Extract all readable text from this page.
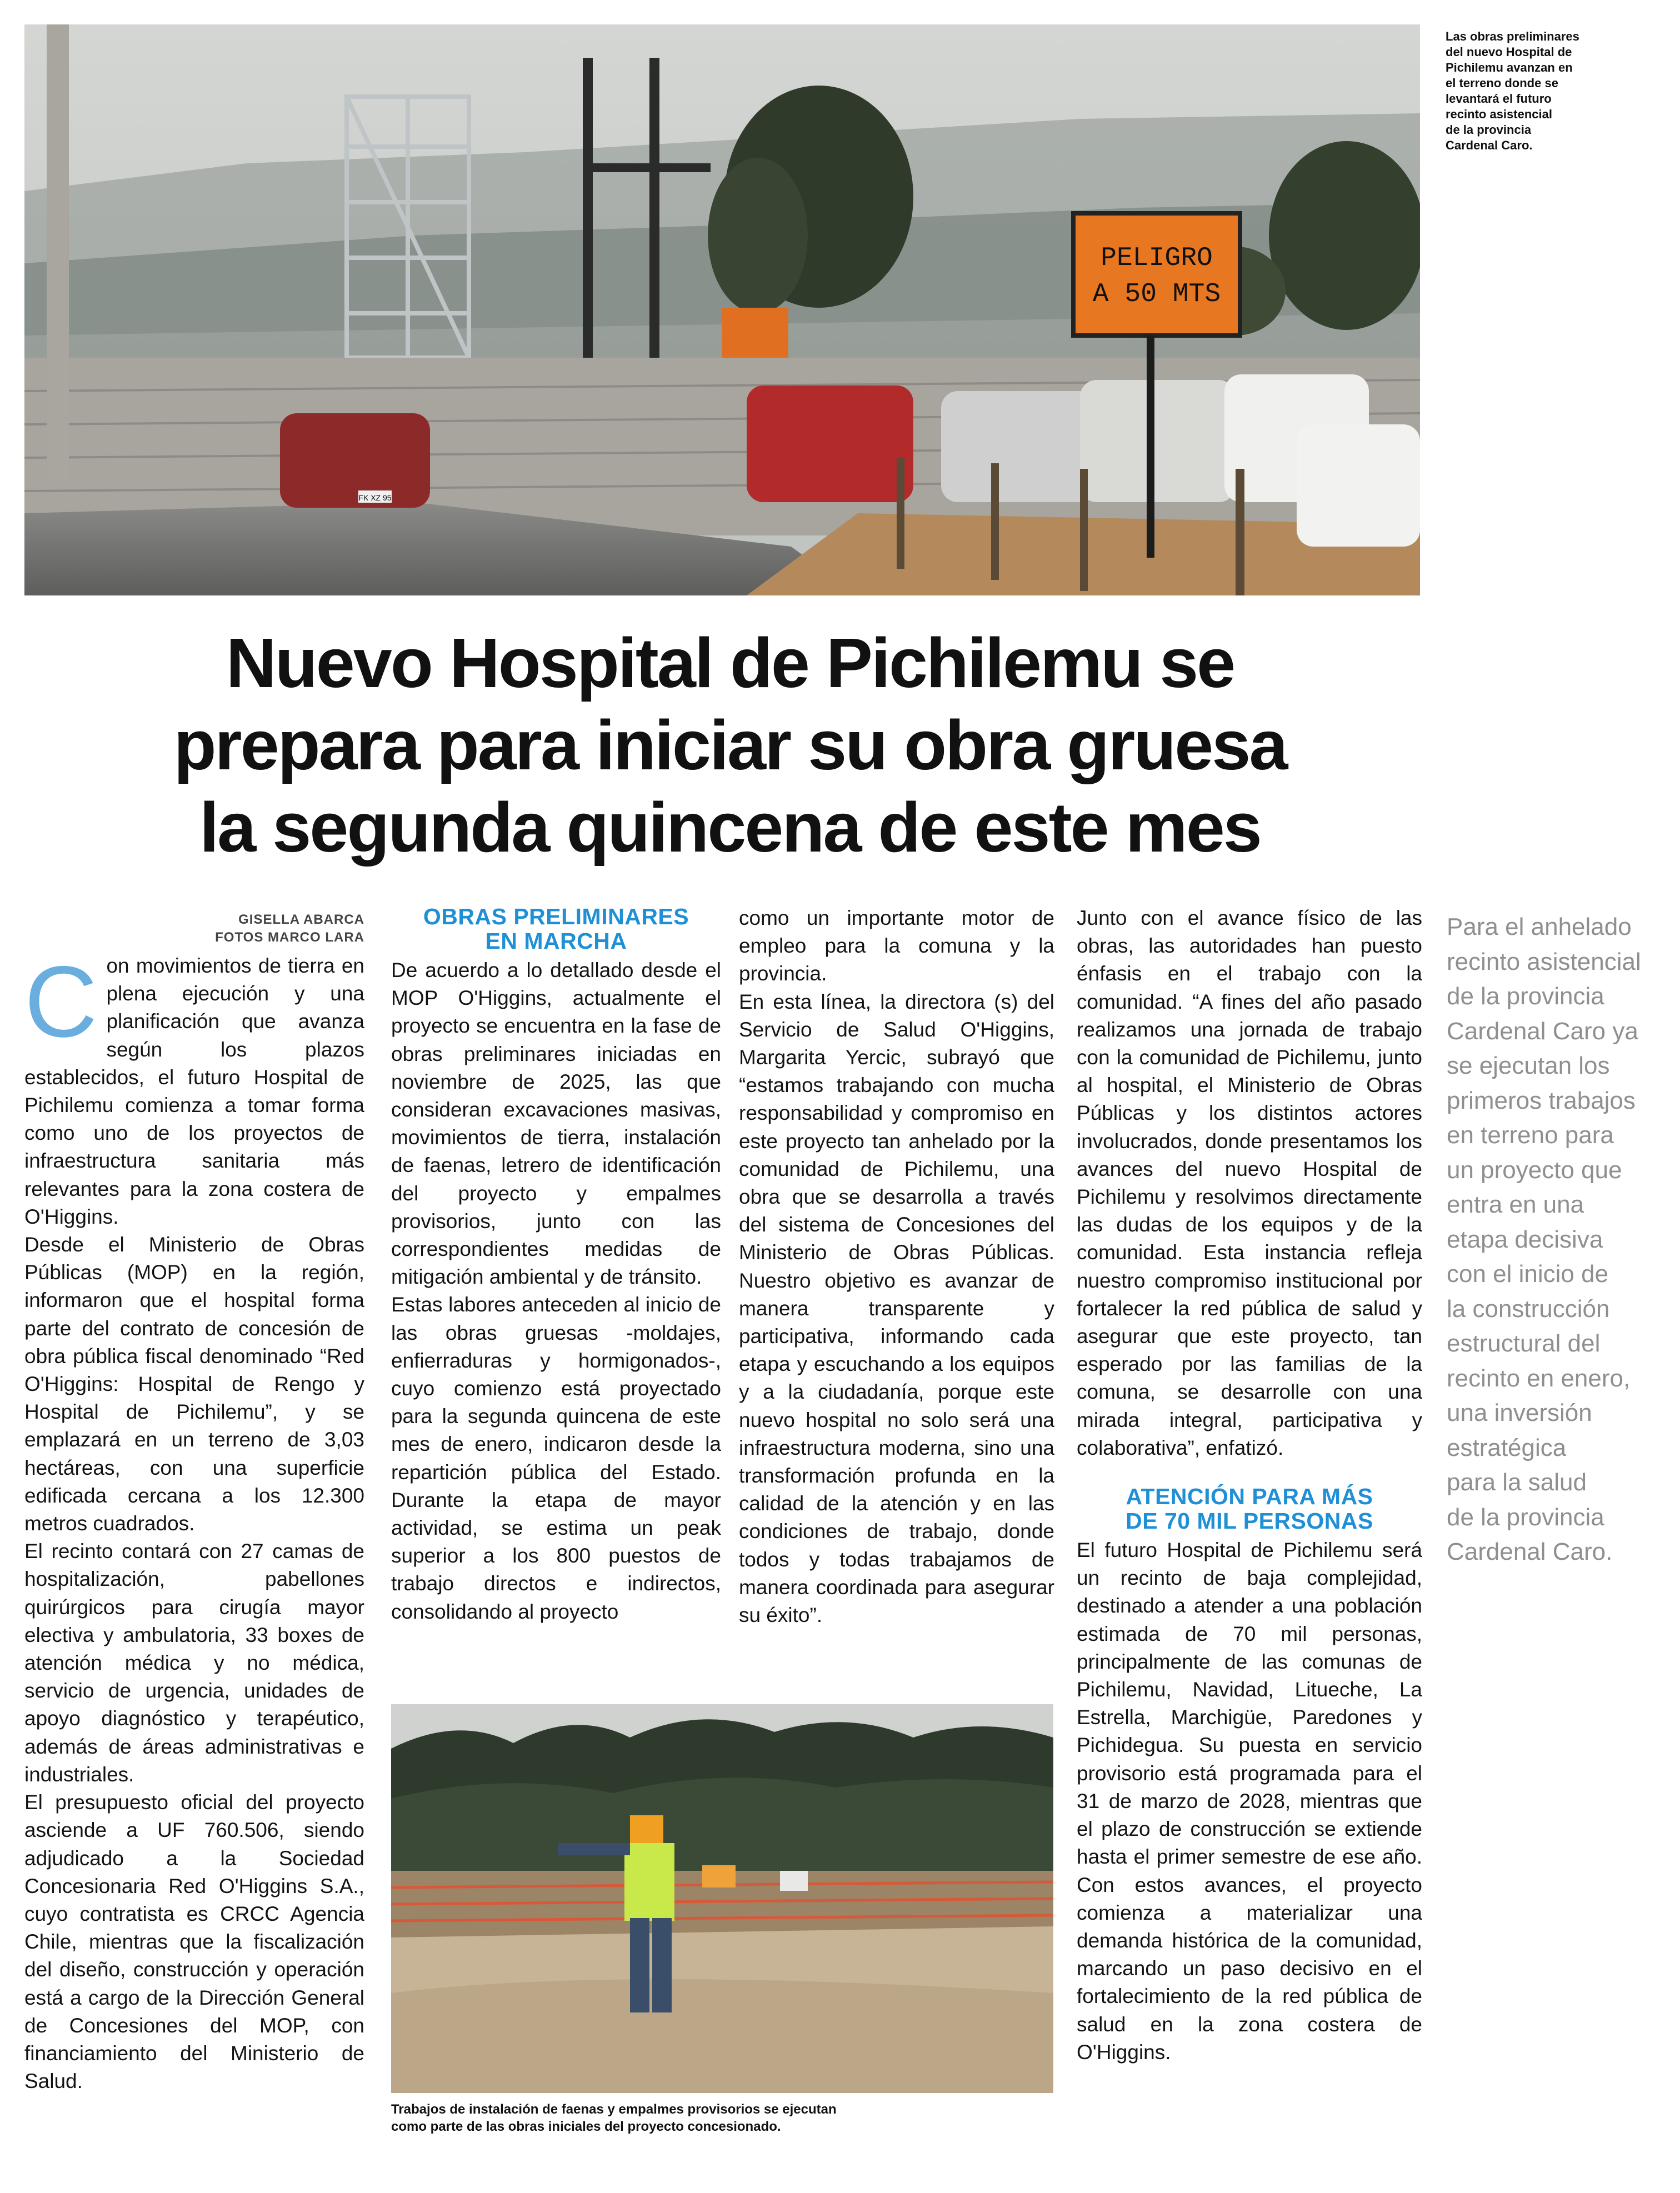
PELIGRO
A 50 MTS
FK XZ 95

Las obras preliminares

del nuevo Hospital de

Pichilemu avanzan en

el terreno donde se

levantará el futuro

recinto asistencial

de la provincia

Cardenal Caro.

Nuevo Hospital de Pichilemu se
prepara para iniciar su obra gruesa
la segunda quincena de este mes
GISELLA ABARCA
FOTOS MARCO LARA
C on movimientos de tierra en plena ejecución y una planificación que avanza según los plazos establecidos, el futuro Hospital de Pichilemu comienza a tomar forma como uno de los proyectos de infraestructura sanitaria más relevantes para la zona costera de O'Higgins.

Desde el Ministerio de Obras Públicas (MOP) en la región, informaron que el hospital forma parte del contrato de concesión de obra pública fiscal denominado “Red O'Higgins: Hospital de Rengo y Hospital de Pichilemu”, y se emplazará en un terreno de 3,03 hectáreas, con una superficie edificada cercana a los 12.300 metros cuadrados.

El recinto contará con 27 camas de hospitalización, pabellones quirúrgicos para cirugía mayor electiva y ambulatoria, 33 boxes de atención médica y no médica, servicio de urgencia, unidades de apoyo diagnóstico y terapéutico, además de áreas administrativas e industriales.

El presupuesto oficial del proyecto asciende a UF 760.506, siendo adjudicado a la Sociedad Concesionaria Red O'Higgins S.A., cuyo contratista es CRCC Agencia Chile, mientras que la fiscalización del diseño, construcción y operación está a cargo de la Dirección General de Concesiones del MOP, con financiamiento del Ministerio de Salud.

OBRAS PRELIMINARES
EN MARCHA

De acuerdo a lo detallado desde el MOP O'Higgins, actualmente el proyecto se encuentra en la fase de obras preliminares iniciadas en noviembre de 2025, las que consideran excavaciones masivas, movimientos de tierra, instalación de faenas, letrero de identificación del proyecto y empalmes provisorios, junto con las correspondientes medidas de mitigación ambiental y de tránsito.

Estas labores anteceden al inicio de las obras gruesas -moldajes, enfierraduras y hormigonados-, cuyo comienzo está proyectado para la segunda quincena de este mes de enero, indicaron desde la repartición pública del Estado. Durante la etapa de mayor actividad, se estima un peak superior a los 800 puestos de trabajo directos e indirectos, consolidando al proyecto

como un importante motor de empleo para la comuna y la provincia.

En esta línea, la directora (s) del Servicio de Salud O'Higgins, Margarita Yercic, subrayó que “estamos trabajando con mucha responsabilidad y compromiso en este proyecto tan anhelado por la comunidad de Pichilemu, una obra que se desarrolla a través del sistema de Concesiones del Ministerio de Obras Públicas. Nuestro objetivo es avanzar de manera transparente y participativa, informando cada etapa y escuchando a los equipos y a la ciudadanía, porque este nuevo hospital no solo será una infraestructura moderna, sino una transformación profunda en la calidad de la atención y en las condiciones de trabajo, donde todos y todas trabajamos de manera coordinada para asegurar su éxito”.

Trabajos de instalación de faenas y empalmes provisorios se ejecutan

como parte de las obras iniciales del proyecto concesionado.

Junto con el avance físico de las obras, las autoridades han puesto énfasis en el trabajo con la comunidad. “A fines del año pasado realizamos una jornada de trabajo con la comunidad de Pichilemu, junto al hospital, el Ministerio de Obras Públicas y los distintos actores involucrados, donde presentamos los avances del nuevo Hospital de Pichilemu y resolvimos directamente las dudas de los equipos y de la comunidad. Esta instancia refleja nuestro compromiso institucional por fortalecer la red pública de salud y asegurar que este proyecto, tan esperado por las familias de la comuna, se desarrolle con una mirada integral, participativa y colaborativa”, enfatizó.

ATENCIÓN PARA MÁS
DE 70 MIL PERSONAS

El futuro Hospital de Pichilemu será un recinto de baja complejidad, destinado a atender a una población estimada de 70 mil personas, principalmente de las comunas de Pichilemu, Navidad, Litueche, La Estrella, Marchigüe, Paredones y Pichidegua. Su puesta en servicio provisorio está programada para el 31 de marzo de 2028, mientras que el plazo de construcción se extiende hasta el primer semestre de ese año. Con estos avances, el proyecto comienza a materializar una demanda histórica de la comunidad, marcando un paso decisivo en el fortalecimiento de la red pública de salud en la zona costera de O'Higgins.

Para el anhelado
recinto asistencial
de la provincia
Cardenal Caro ya
se ejecutan los
primeros trabajos
en terreno para
un proyecto que
entra en una
etapa decisiva
con el inicio de
la construcción
estructural del
recinto en enero,
una inversión
estratégica
para la salud
de la provincia
Cardenal Caro.
